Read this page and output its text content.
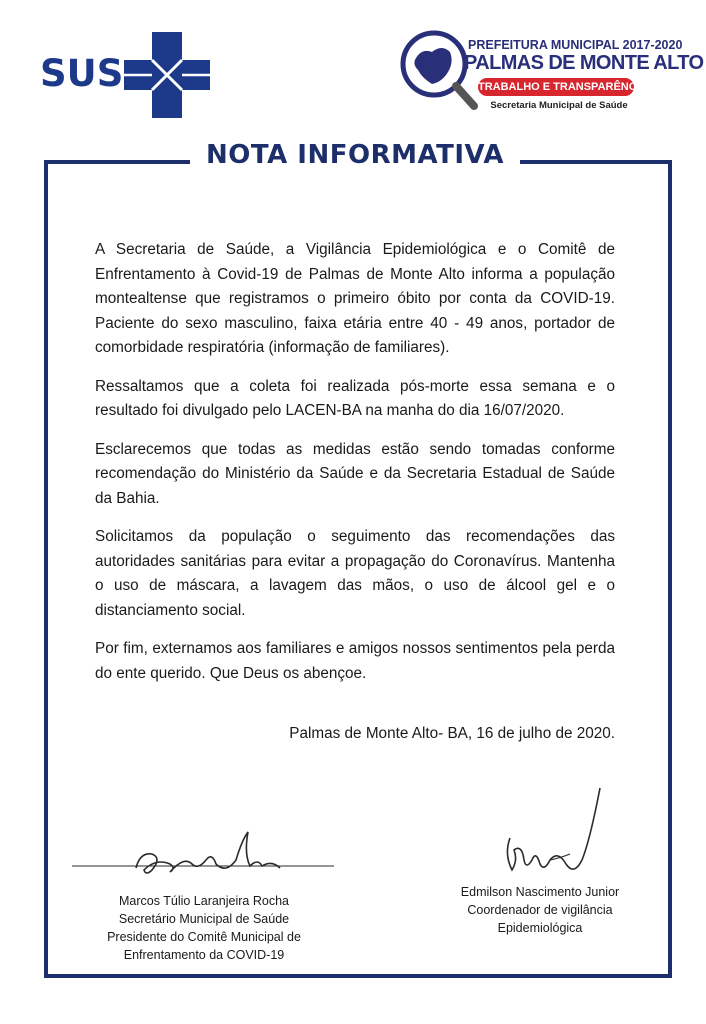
SUS
PREFEITURA MUNICIPAL 2017-2020
PALMAS DE MONTE ALTO
TRABALHO E TRANSPARÊNCIA
Secretaria Municipal de Saúde
NOTA INFORMATIVA

A Secretaria de Saúde, a Vigilância Epidemiológica e o Comitê de Enfrentamento à Covid-19 de Palmas de Monte Alto informa a população montealtense que registramos o primeiro óbito por conta da COVID-19. Paciente do sexo masculino, faixa etária entre 40 - 49 anos, portador de comorbidade respiratória (informação de familiares).

Ressaltamos que a coleta foi realizada pós-morte essa semana e o resultado foi divulgado pelo LACEN-BA na manha do dia 16/07/2020.

Esclarecemos que todas as medidas estão sendo tomadas conforme recomendação do Ministério da Saúde e da Secretaria Estadual de Saúde da Bahia.

Solicitamos da população o seguimento das recomendações das autoridades sanitárias para evitar a propagação do Coronavírus. Mantenha o uso de máscara, a lavagem das mãos, o uso de álcool gel e o distanciamento social.

Por fim, externamos aos familiares e amigos nossos sentimentos pela perda do ente querido. Que Deus os abençoe.

Palmas de Monte Alto- BA, 16 de julho de 2020.
Marcos Túlio Laranjeira Rocha
Secretário Municipal de Saúde
Presidente do Comitê Municipal de
Enfrentamento da COVID-19
Edmilson Nascimento Junior
Coordenador de vigilância
Epidemiológica
